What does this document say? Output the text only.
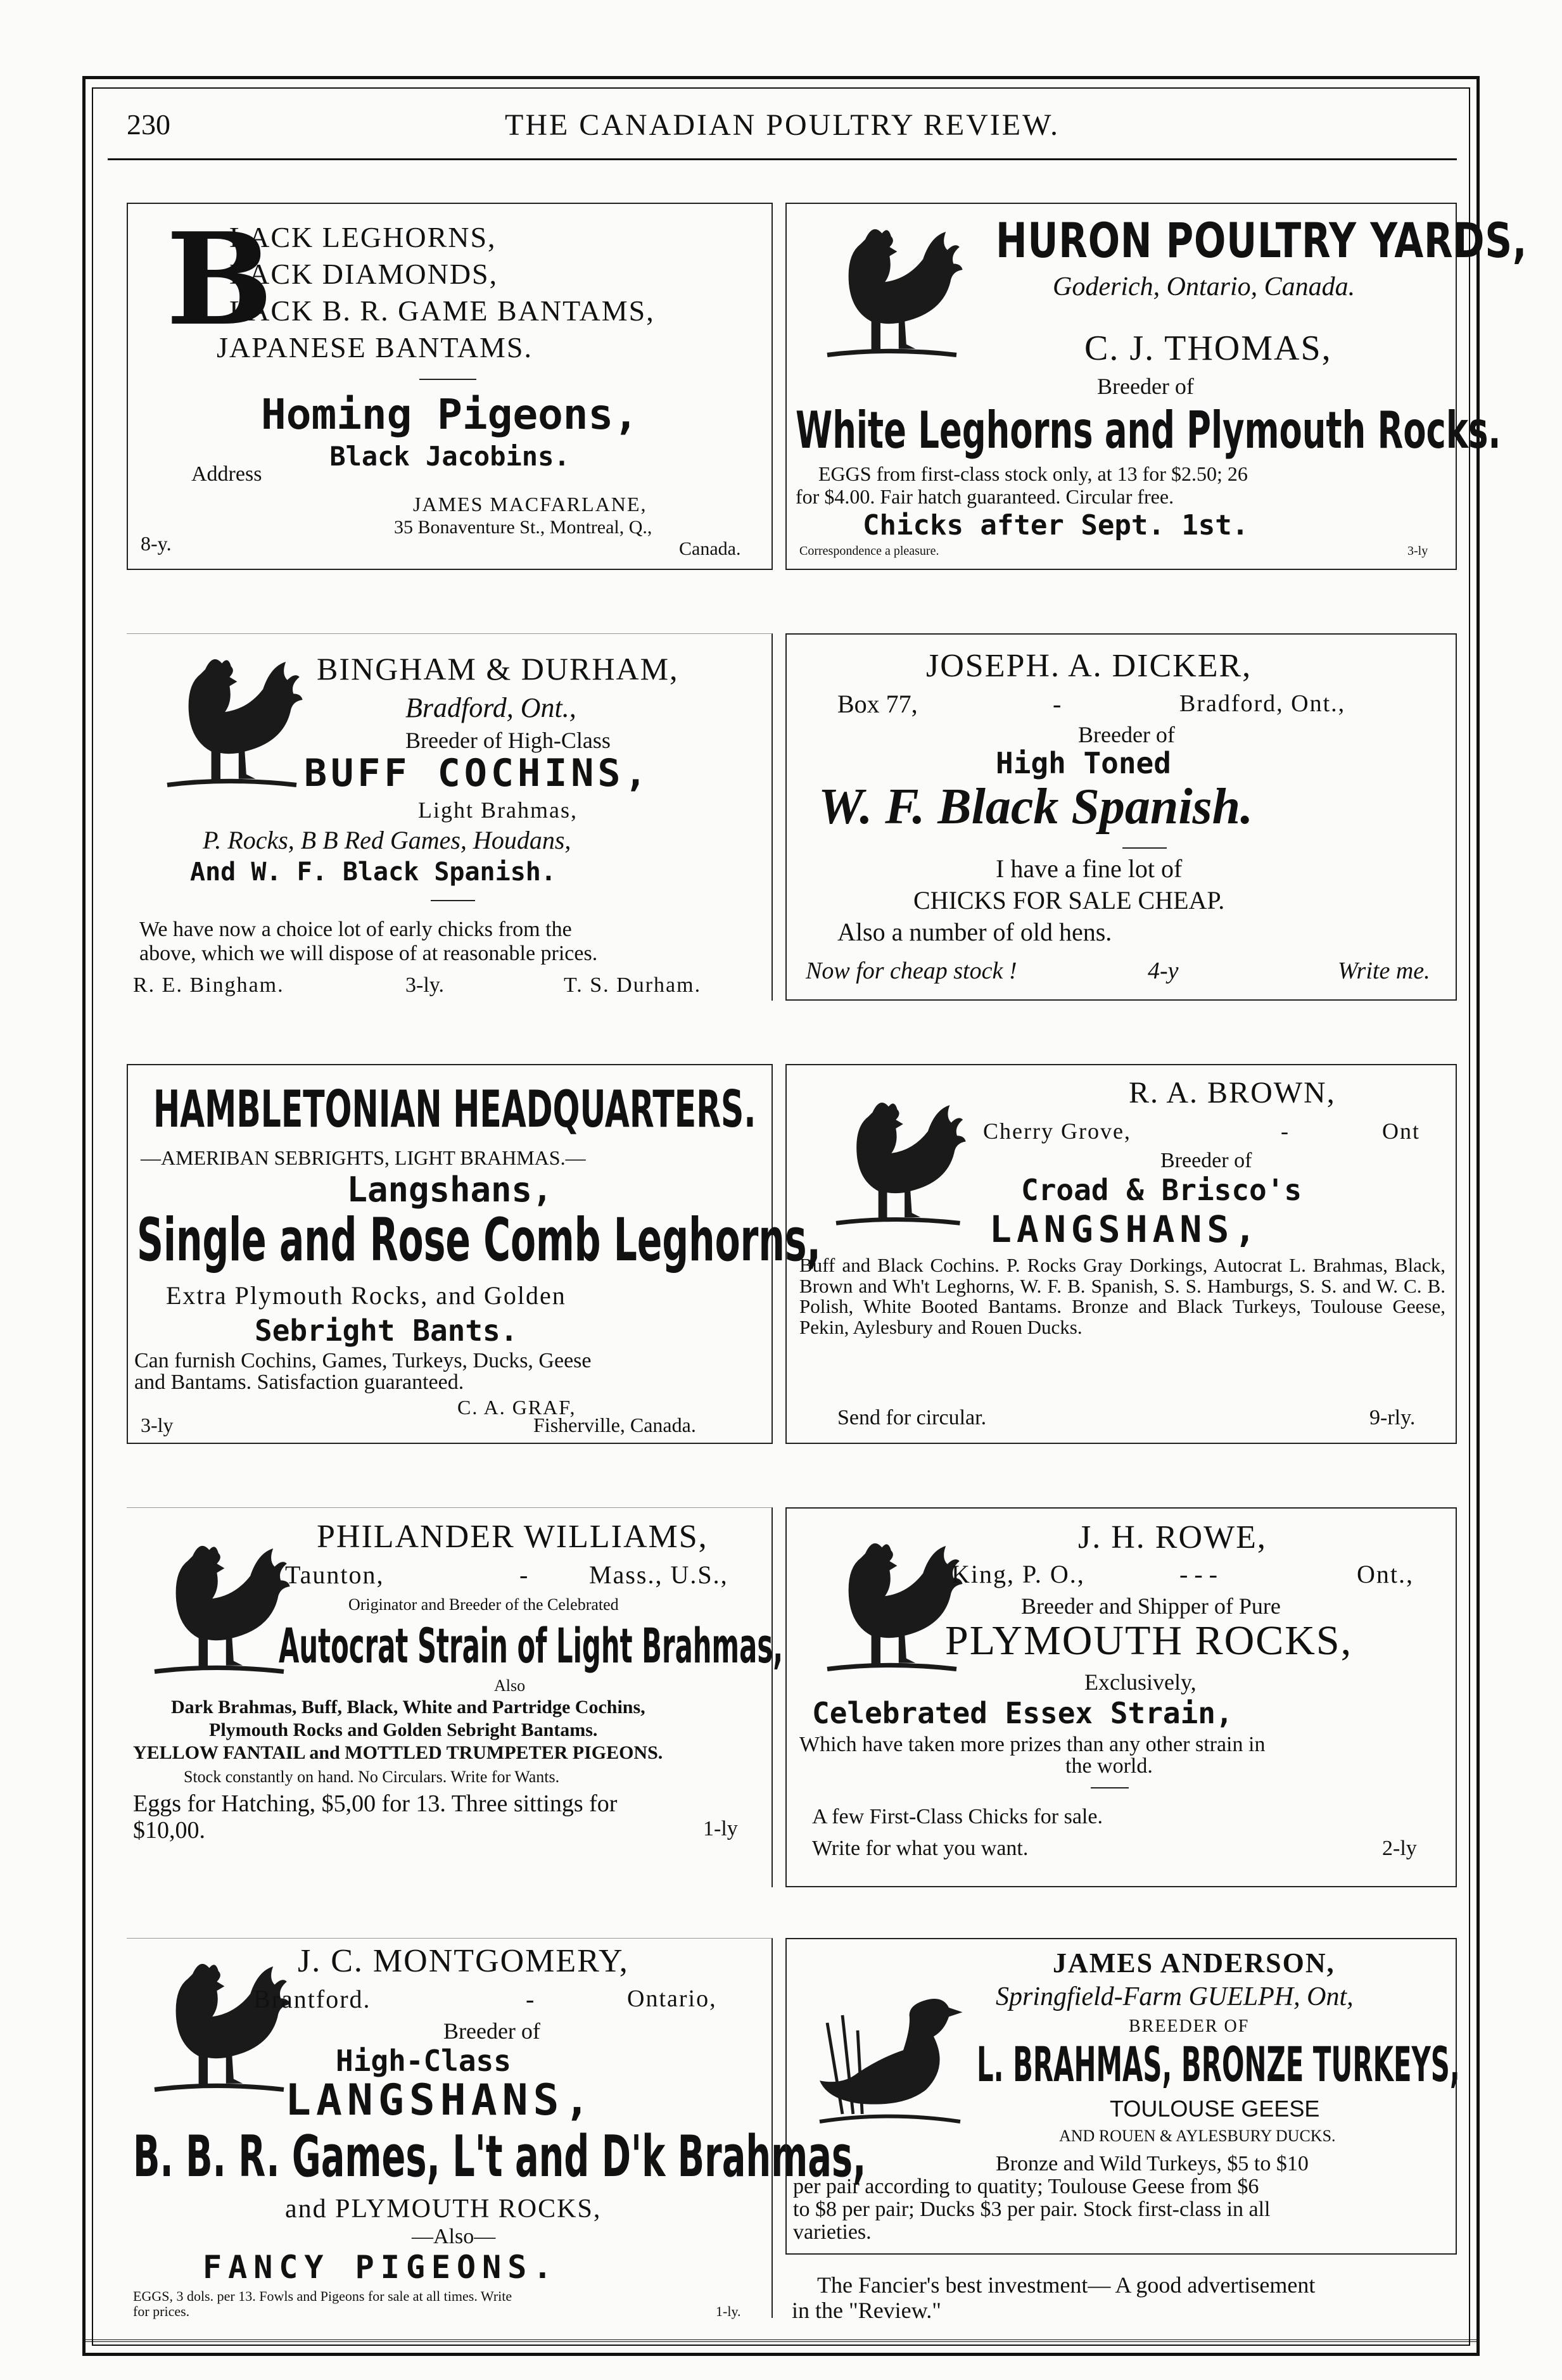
230	THE CANADIAN POULTRY REVIEW.
B
LACK LEGHORNS,
LACK DIAMONDS,
LACK B. R. GAME BANTAMS,
JAPANESE BANTAMS.
Homing Pigeons,
Black Jacobins.
Address
JAMES MACFARLANE,
35 Bonaventure St., Montreal, Q.,
8-y.	Canada.
HURON POULTRY YARDS,
Goderich, Ontario, Canada.
C. J. THOMAS,
Breeder of
White Leghorns and Plymouth Rocks.
EGGS from first-class stock only, at 13 for $2.50; 26
for $4.00. Fair hatch guaranteed. Circular free.
Chicks after Sept. 1st.
Correspondence a pleasure.	3-ly
BINGHAM & DURHAM,
Bradford, Ont.,
Breeder of High-Class
BUFF COCHINS,
Light Brahmas,
P. Rocks, B B Red Games, Houdans,
And W. F. Black Spanish.
We have now a choice lot of early chicks from the
above, which we will dispose of at reasonable prices.
R. E. Bingham.	3-ly.	T. S. Durham.
JOSEPH. A. DICKER,
Box 77,	-	Bradford, Ont.,
Breeder of
High Toned
W. F. Black Spanish.
I have a fine lot of
CHICKS FOR SALE CHEAP.
Also a number of old hens.
Now for cheap stock !	4-y	Write me.
HAMBLETONIAN HEADQUARTERS.
—AMERIBAN SEBRIGHTS, LIGHT BRAHMAS.—
Langshans,
Single and Rose Comb Leghorns,
Extra Plymouth Rocks, and Golden
Sebright Bants.
Can furnish Cochins, Games, Turkeys, Ducks, Geese
and Bantams. Satisfaction guaranteed.
C. A. GRAF,
3-ly	Fisherville, Canada.
R. A. BROWN,
Cherry Grove,	-	Ont
Breeder of
Croad & Brisco's
LANGSHANS,
Buff and Black Cochins. P. Rocks Gray Dorkings, Autocrat L. Brahmas, Black, Brown and Wh't Leghorns, W. F. B. Spanish, S. S. Hamburgs, S. S. and W. C. B. Polish, White Booted Bantams. Bronze and Black Turkeys, Toulouse Geese, Pekin, Aylesbury and Rouen Ducks.
Send for circular.	9-rly.
PHILANDER WILLIAMS,
Taunton,	- Mass., U.S.,
Originator and Breeder of the Celebrated
Autocrat Strain of Light Brahmas,
Also
Dark Brahmas, Buff, Black, White and Partridge Cochins,
Plymouth Rocks and Golden Sebright Bantams.
YELLOW FANTAIL and MOTTLED TRUMPETER PIGEONS.
Stock constantly on hand. No Circulars. Write for Wants.
Eggs for Hatching, $5,00 for 13. Three sittings for
$10,00.	1-ly
J. H. ROWE,
King, P. O.,	- - -	Ont.,
Breeder and Shipper of Pure
PLYMOUTH ROCKS,
Exclusively,
Celebrated Essex Strain,
Which have taken more prizes than any other strain in
the world.
A few First-Class Chicks for sale.
Write for what you want.	2-ly
J. C. MONTGOMERY,
Brantford.	-	Ontario,
Breeder of
High-Class
LANGSHANS,
B. B. R. Games, L't and D'k Brahmas,
and PLYMOUTH ROCKS,
—Also—
FANCY PIGEONS.
EGGS, 3 dols. per 13. Fowls and Pigeons for sale at all times. Write
for prices.	1-ly.
JAMES ANDERSON,
Springfield-Farm GUELPH, Ont,
BREEDER OF
L. BRAHMAS, BRONZE TURKEYS,
TOULOUSE GEESE
AND ROUEN & AYLESBURY DUCKS.
Bronze and Wild Turkeys, $5 to $10
per pair according to quatity; Toulouse Geese from $6
to $8 per pair; Ducks $3 per pair. Stock first-class in all
varieties.
The Fancier's best investment— A good advertisement
in the "Review."
